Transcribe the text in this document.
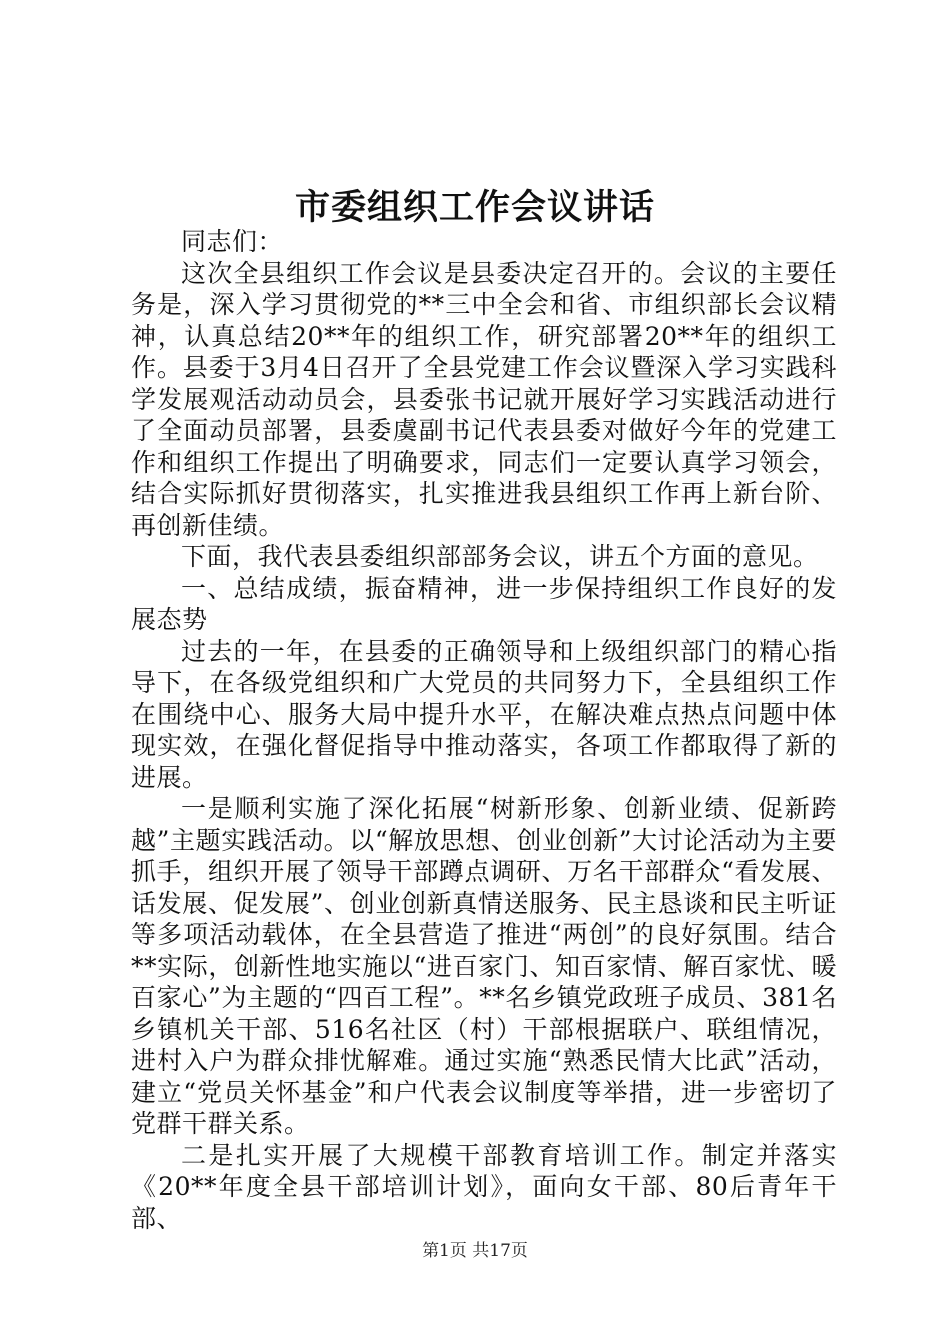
市委组织工作会议讲话

同志们：

这次全县组织工作会议是县委决定召开的。会议的主要任务是，深入学习贯彻党的**三中全会和省、市组织部长会议精神，认真总结20**年的组织工作，研究部署20**年的组织工作。县委于3月4日召开了全县党建工作会议暨深入学习实践科学发展观活动动员会，县委张书记就开展好学习实践活动进行了全面动员部署，县委虞副书记代表县委对做好今年的党建工作和组织工作提出了明确要求，同志们一定要认真学习领会，结合实际抓好贯彻落实，扎实推进我县组织工作再上新台阶、再创新佳绩。

下面，我代表县委组织部部务会议，讲五个方面的意见。

一、总结成绩，振奋精神，进一步保持组织工作良好的发展态势

过去的一年，在县委的正确领导和上级组织部门的精心指导下，在各级党组织和广大党员的共同努力下，全县组织工作在围绕中心、服务大局中提升水平，在解决难点热点问题中体现实效，在强化督促指导中推动落实，各项工作都取得了新的进展。

一是顺利实施了深化拓展“树新形象、创新业绩、促新跨越”主题实践活动。以“解放思想、创业创新”大讨论活动为主要抓手，组织开展了领导干部蹲点调研、万名干部群众“看发展、话发展、促发展”、创业创新真情送服务、民主恳谈和民主听证等多项活动载体，在全县营造了推进“两创”的良好氛围。结合**实际，创新性地实施以“进百家门、知百家情、解百家忧、暖百家心”为主题的“四百工程”。**名乡镇党政班子成员、381名乡镇机关干部、516名社区（村）干部根据联户、联组情况，进村入户为群众排忧解难。通过实施“熟悉民情大比武”活动，建立“党员关怀基金”和户代表会议制度等举措，进一步密切了党群干群关系。

二是扎实开展了大规模干部教育培训工作。制定并落实《20**年度全县干部培训计划》，面向女干部、80后青年干部、

第1页 共17页
